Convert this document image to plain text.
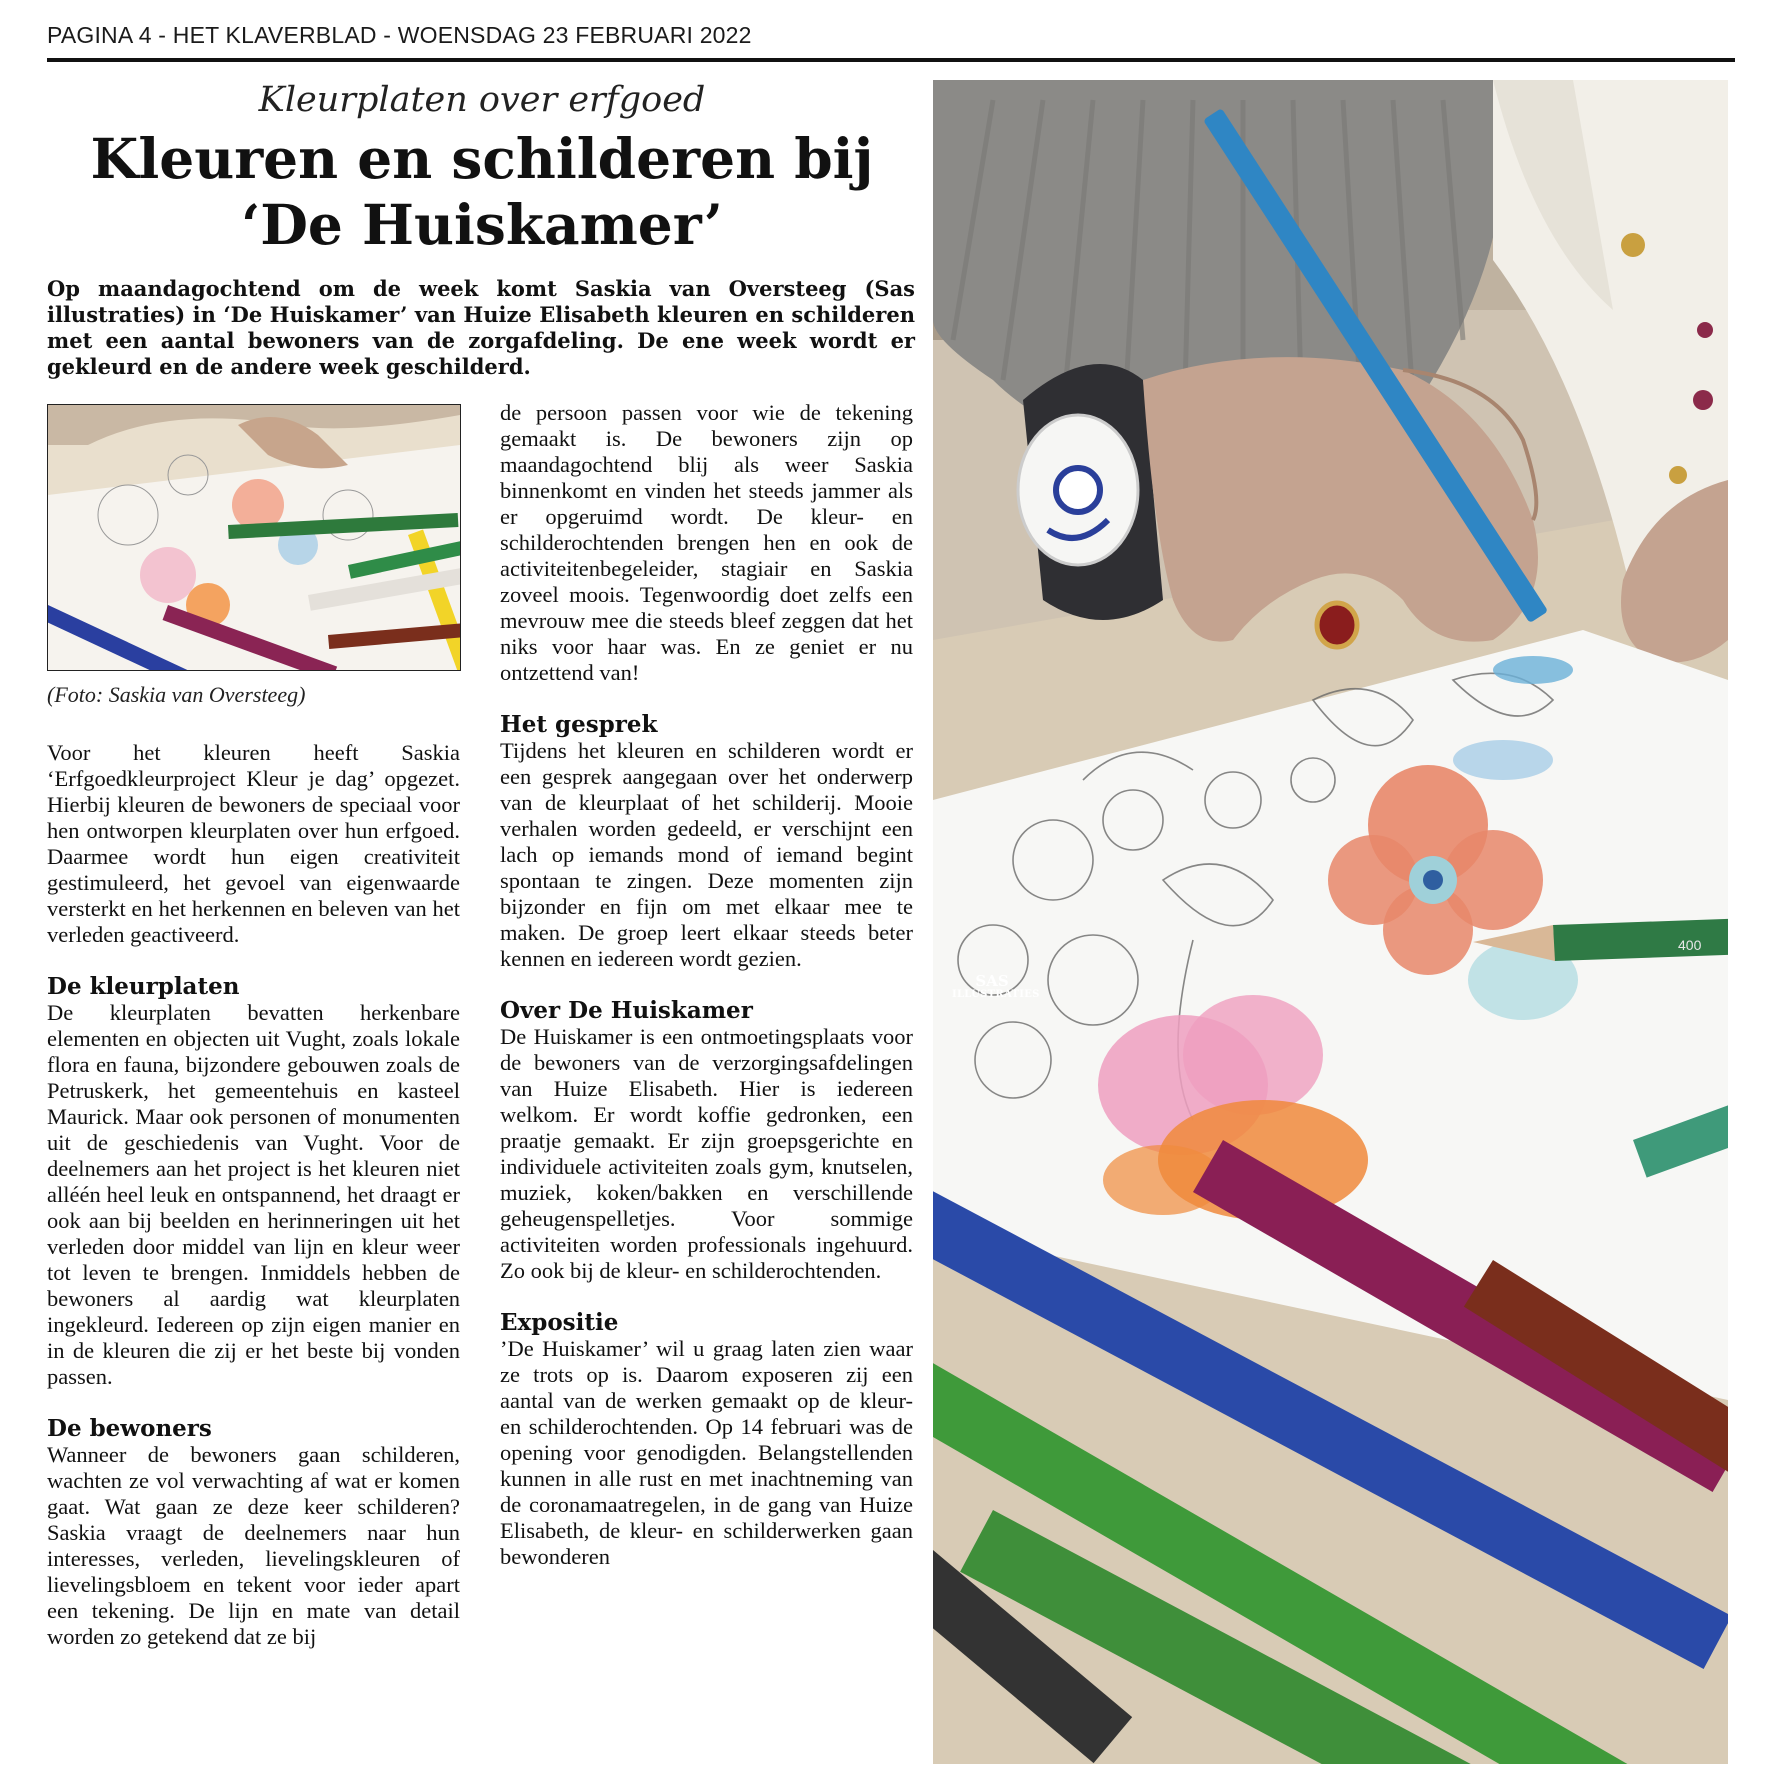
PAGINA 4 - HET KLAVERBLAD - WOENSDAG 23 FEBRUARI 2022
Kleurplaten over erfgoed
Kleuren en schilderen bij
‘De Huiskamer’
Op maandagochtend om de week komt Saskia van Oversteeg (Sas illustraties) in ‘De Huiskamer’ van Huize Elisabeth kleuren en schilderen met een aantal bewoners van de zorgafdeling. De ene week wordt er gekleurd en de andere week geschilderd.
(Foto: Saskia van Oversteeg)

Voor het kleuren heeft Saskia ‘Erfgoedkleurproject Kleur je dag’ opgezet. Hierbij kleuren de bewoners de speciaal voor hen ontworpen kleurplaten over hun erfgoed. Daarmee wordt hun eigen creativiteit gestimuleerd, het gevoel van eigenwaarde versterkt en het herkennen en beleven van het verleden geactiveerd.

De kleurplaten

De kleurplaten bevatten herkenbare elementen en objecten uit Vught, zoals lokale flora en fauna, bijzondere gebouwen zoals de Petruskerk, het gemeentehuis en kasteel Maurick. Maar ook personen of monumenten uit de geschiedenis van Vught. Voor de deelnemers aan het project is het kleuren niet alléén heel leuk en ontspannend, het draagt er ook aan bij beelden en herinneringen uit het verleden door middel van lijn en kleur weer tot leven te brengen. Inmiddels hebben de bewoners al aardig wat kleurplaten ingekleurd. Iedereen op zijn eigen manier en in de kleuren die zij er het beste bij vonden passen.

De bewoners

Wanneer de bewoners gaan schilderen, wachten ze vol verwachting af wat er komen gaat. Wat gaan ze deze keer schilderen? Saskia vraagt de deelnemers naar hun interesses, verleden, lievelingskleuren of lievelingsbloem en tekent voor ieder apart een tekening. De lijn en mate van detail worden zo getekend dat ze bij

de persoon passen voor wie de tekening gemaakt is. De bewoners zijn op maandagochtend blij als weer Saskia binnenkomt en vinden het steeds jammer als er opgeruimd wordt. De kleur- en schilderochtenden brengen hen en ook de activiteitenbegeleider, stagiair en Saskia zoveel moois. Tegenwoordig doet zelfs een mevrouw mee die steeds bleef zeggen dat het niks voor haar was. En ze geniet er nu ontzettend van!

Het gesprek

Tijdens het kleuren en schilderen wordt er een gesprek aangegaan over het onderwerp van de kleurplaat of het schilderij. Mooie verhalen worden gedeeld, er verschijnt een lach op iemands mond of iemand begint spontaan te zingen. Deze momenten zijn bijzonder en fijn om met elkaar mee te maken. De groep leert elkaar steeds beter kennen en iedereen wordt gezien.

Over De Huiskamer

De Huiskamer is een ontmoetingsplaats voor de bewoners van de verzorgingsafdelingen van Huize Elisabeth. Hier is iedereen welkom. Er wordt koffie gedronken, een praatje gemaakt. Er zijn groepsgerichte en individuele activiteiten zoals gym, knutselen, muziek, koken/bakken en verschillende geheugenspelletjes. Voor sommige activiteiten worden professionals ingehuurd. Zo ook bij de kleur- en schilderochtenden.

Expositie

’De Huiskamer’ wil u graag laten zien waar ze trots op is. Daarom exposeren zij een aantal van de werken gemaakt op de kleur- en schilderochtenden. Op 14 februari was de opening voor genodigden. Belangstellenden kunnen in alle rust en met inachtneming van de coronamaatregelen, in de gang van Huize Elisabeth, de kleur- en schilderwerken gaan bewonderen

400
SAS
ILLUSTRATIES
